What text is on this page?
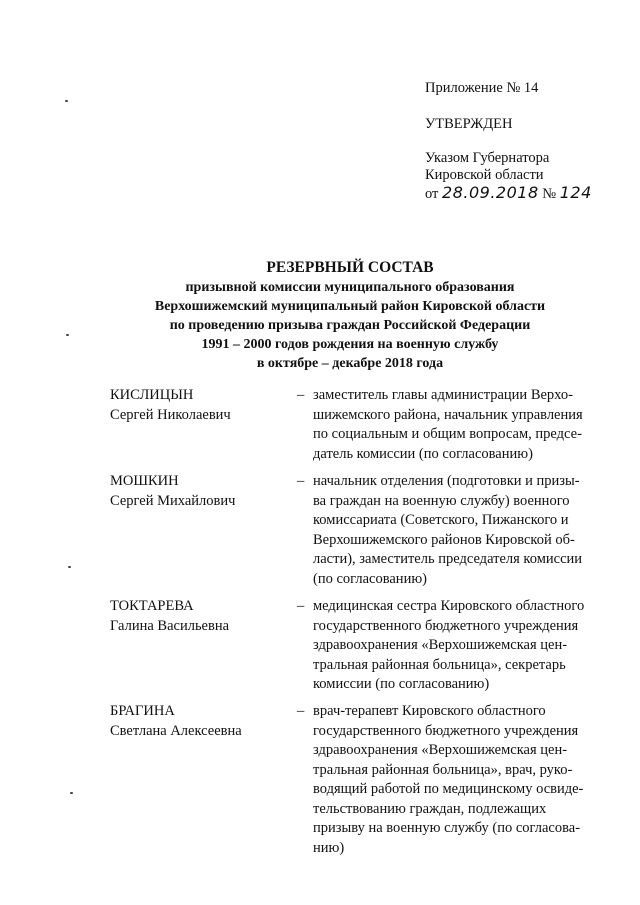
Приложение № 14
УТВЕРЖДЕН
Указом Губернатора
Кировской области
от 28.09.2018 № 124
РЕЗЕРВНЫЙ СОСТАВ
призывной комиссии муниципального образования
Верхошижемский муниципальный район Кировской области
по проведению призыва граждан Российской Федерации
1991 – 2000 годов рождения на военную службу
в октябре – декабре 2018 года
КИСЛИЦЫН
Сергей Николаевич
– заместитель главы администрации Верхо-
шижемского района, начальник управления
по социальным и общим вопросам, предсе-
датель комиссии (по согласованию)
МОШКИН
Сергей Михайлович
– начальник отделения (подготовки и призы-
ва граждан на военную службу) военного
комиссариата (Советского, Пижанского и
Верхошижемского районов Кировской об-
ласти), заместитель председателя комиссии
(по согласованию)
ТОКТАРЕВА
Галина Васильевна
– медицинская сестра Кировского областного
государственного бюджетного учреждения
здравоохранения «Верхошижемская цен-
тральная районная больница», секретарь
комиссии (по согласованию)
БРАГИНА
Светлана Алексеевна
– врач-терапевт Кировского областного
государственного бюджетного учреждения
здравоохранения «Верхошижемская цен-
тральная районная больница», врач, руко-
водящий работой по медицинскому освиде-
тельствованию граждан, подлежащих
призыву на военную службу (по согласова-
нию)
